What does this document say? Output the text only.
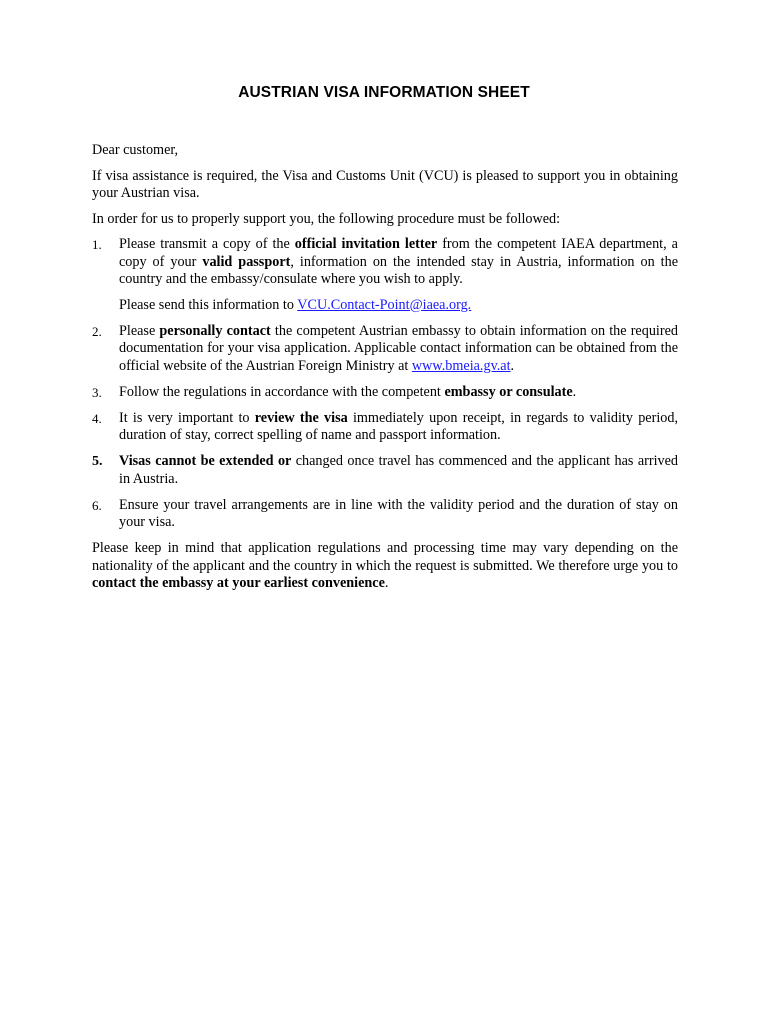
AUSTRIAN VISA INFORMATION SHEET

Dear customer,

If visa assistance is required, the Visa and Customs Unit (VCU) is pleased to support you in obtaining your Austrian visa.

In order for us to properly support you, the following procedure must be followed:

1. Please transmit a copy of the official invitation letter from the competent IAEA department, a copy of your valid passport, information on the intended stay in Austria, information on the country and the embassy/consulate where you wish to apply.
Please send this information to VCU.Contact-Point@iaea.org.
2. Please personally contact the competent Austrian embassy to obtain information on the required documentation for your visa application. Applicable contact information can be obtained from the official website of the Austrian Foreign Ministry at www.bmeia.gv.at.
3. Follow the regulations in accordance with the competent embassy or consulate.
4. It is very important to review the visa immediately upon receipt, in regards to validity period, duration of stay, correct spelling of name and passport information.
5. Visas cannot be extended or changed once travel has commenced and the applicant has arrived in Austria.
6. Ensure your travel arrangements are in line with the validity period and the duration of stay on your visa.

Please keep in mind that application regulations and processing time may vary depending on the nationality of the applicant and the country in which the request is submitted. We therefore urge you to contact the embassy at your earliest convenience.
